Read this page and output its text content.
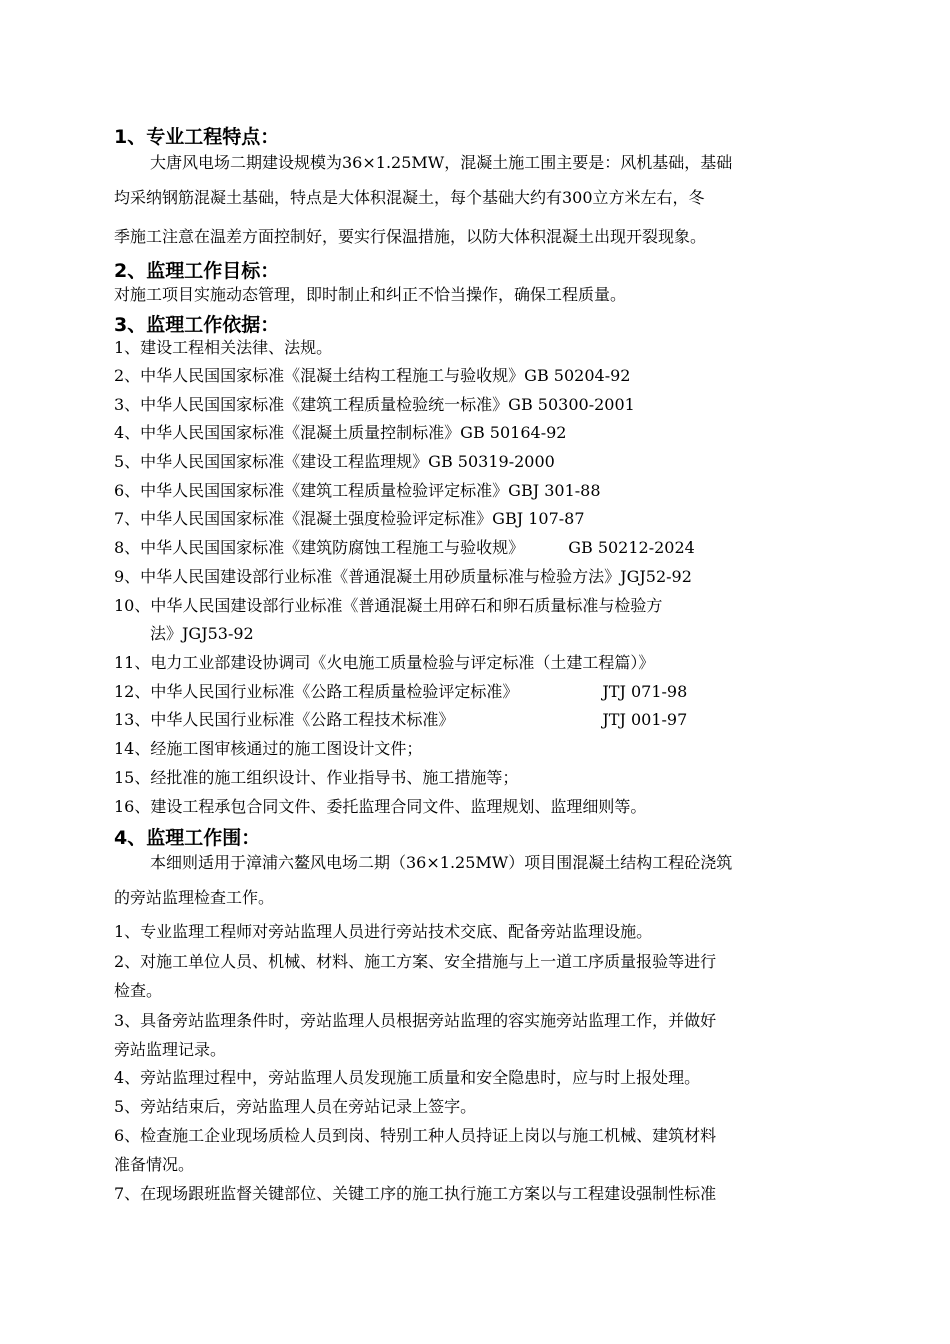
1、专业工程特点：
大唐风电场二期建设规模为36×1.25MW，混凝土施工围主要是：风机基础，基础
均采纳钢筋混凝土基础，特点是大体积混凝土，每个基础大约有300立方米左右，冬
季施工注意在温差方面控制好，要实行保温措施，以防大体积混凝土出现开裂现象。
2、监理工作目标：
对施工项目实施动态管理，即时制止和纠正不恰当操作，确保工程质量。
3、监理工作依据：
1、建设工程相关法律、法规。
2、中华人民国国家标准《混凝土结构工程施工与验收规》GB 50204-92
3、中华人民国国家标准《建筑工程质量检验统一标准》GB 50300-2001
4、中华人民国国家标准《混凝土质量控制标准》GB 50164-92
5、中华人民国国家标准《建设工程监理规》GB 50319-2000
6、中华人民国国家标准《建筑工程质量检验评定标准》GBJ 301-88
7、中华人民国国家标准《混凝土强度检验评定标准》GBJ 107-87
8、中华人民国国家标准《建筑防腐蚀工程施工与验收规》	GB 50212-2024
9、中华人民国建设部行业标准《普通混凝土用砂质量标准与检验方法》JGJ52-92
10、中华人民国建设部行业标准《普通混凝土用碎石和卵石质量标准与检验方
法》JGJ53-92
11、电力工业部建设协调司《火电施工质量检验与评定标准（土建工程篇）》
12、中华人民国行业标准《公路工程质量检验评定标准》	JTJ 071-98
13、中华人民国行业标准《公路工程技术标准》	JTJ 001-97
14、经施工图审核通过的施工图设计文件；
15、经批准的施工组织设计、作业指导书、施工措施等；
16、建设工程承包合同文件、委托监理合同文件、监理规划、监理细则等。
4、监理工作围：
本细则适用于漳浦六鳌风电场二期（36×1.25MW）项目围混凝土结构工程砼浇筑
的旁站监理检查工作。
1、专业监理工程师对旁站监理人员进行旁站技术交底、配备旁站监理设施。
2、对施工单位人员、机械、材料、施工方案、安全措施与上一道工序质量报验等进行
检查。
3、具备旁站监理条件时，旁站监理人员根据旁站监理的容实施旁站监理工作，并做好
旁站监理记录。
4、旁站监理过程中，旁站监理人员发现施工质量和安全隐患时，应与时上报处理。
5、旁站结束后，旁站监理人员在旁站记录上签字。
6、检查施工企业现场质检人员到岗、特别工种人员持证上岗以与施工机械、建筑材料
准备情况。
7、在现场跟班监督关键部位、关键工序的施工执行施工方案以与工程建设强制性标准
